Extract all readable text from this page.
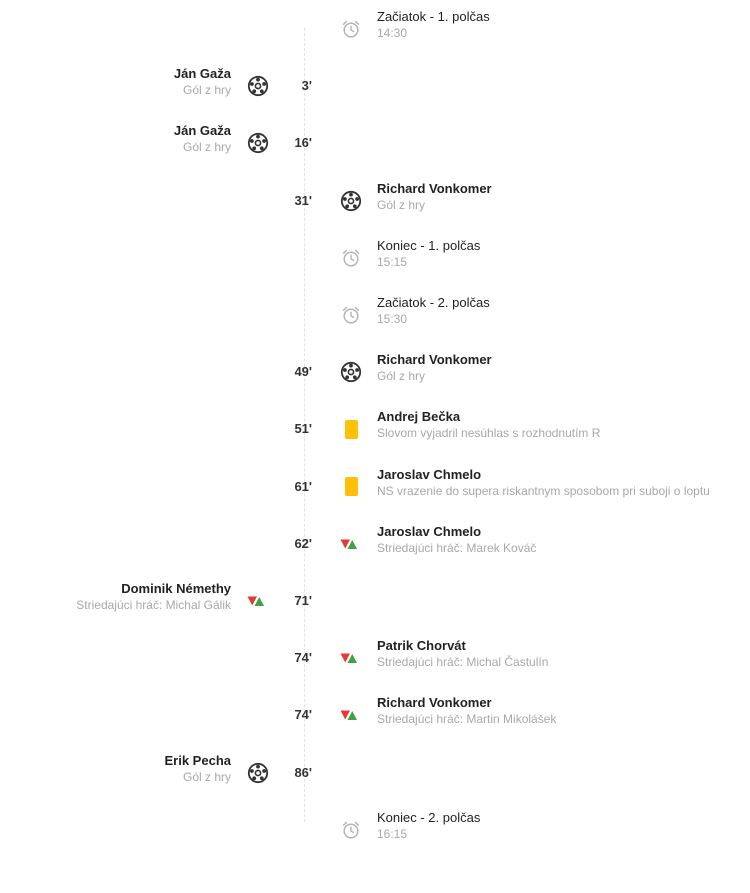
Začiatok - 1. polčas
14:30
3'
Ján Gaža
Gól z hry
16'
Ján Gaža
Gól z hry
31'
Richard Vonkomer
Gól z hry
Koniec - 1. polčas
15:15
Začiatok - 2. polčas
15:30
49'
Richard Vonkomer
Gól z hry
51'
Andrej Bečka
Slovom vyjadril nesúhlas s rozhodnutím R
61'
Jaroslav Chmelo
NS vrazenie do supera riskantnym sposobom pri suboji o loptu
62'
Jaroslav Chmelo
Striedajúci hráč: Marek Kováč
71'
Dominik Némethy
Striedajúci hráč: Michal Gálik
74'
Patrik Chorvát
Striedajúci hráč: Michal Častulín
74'
Richard Vonkomer
Striedajúci hráč: Martin Mikolášek
86'
Erik Pecha
Gól z hry
Koniec - 2. polčas
16:15
